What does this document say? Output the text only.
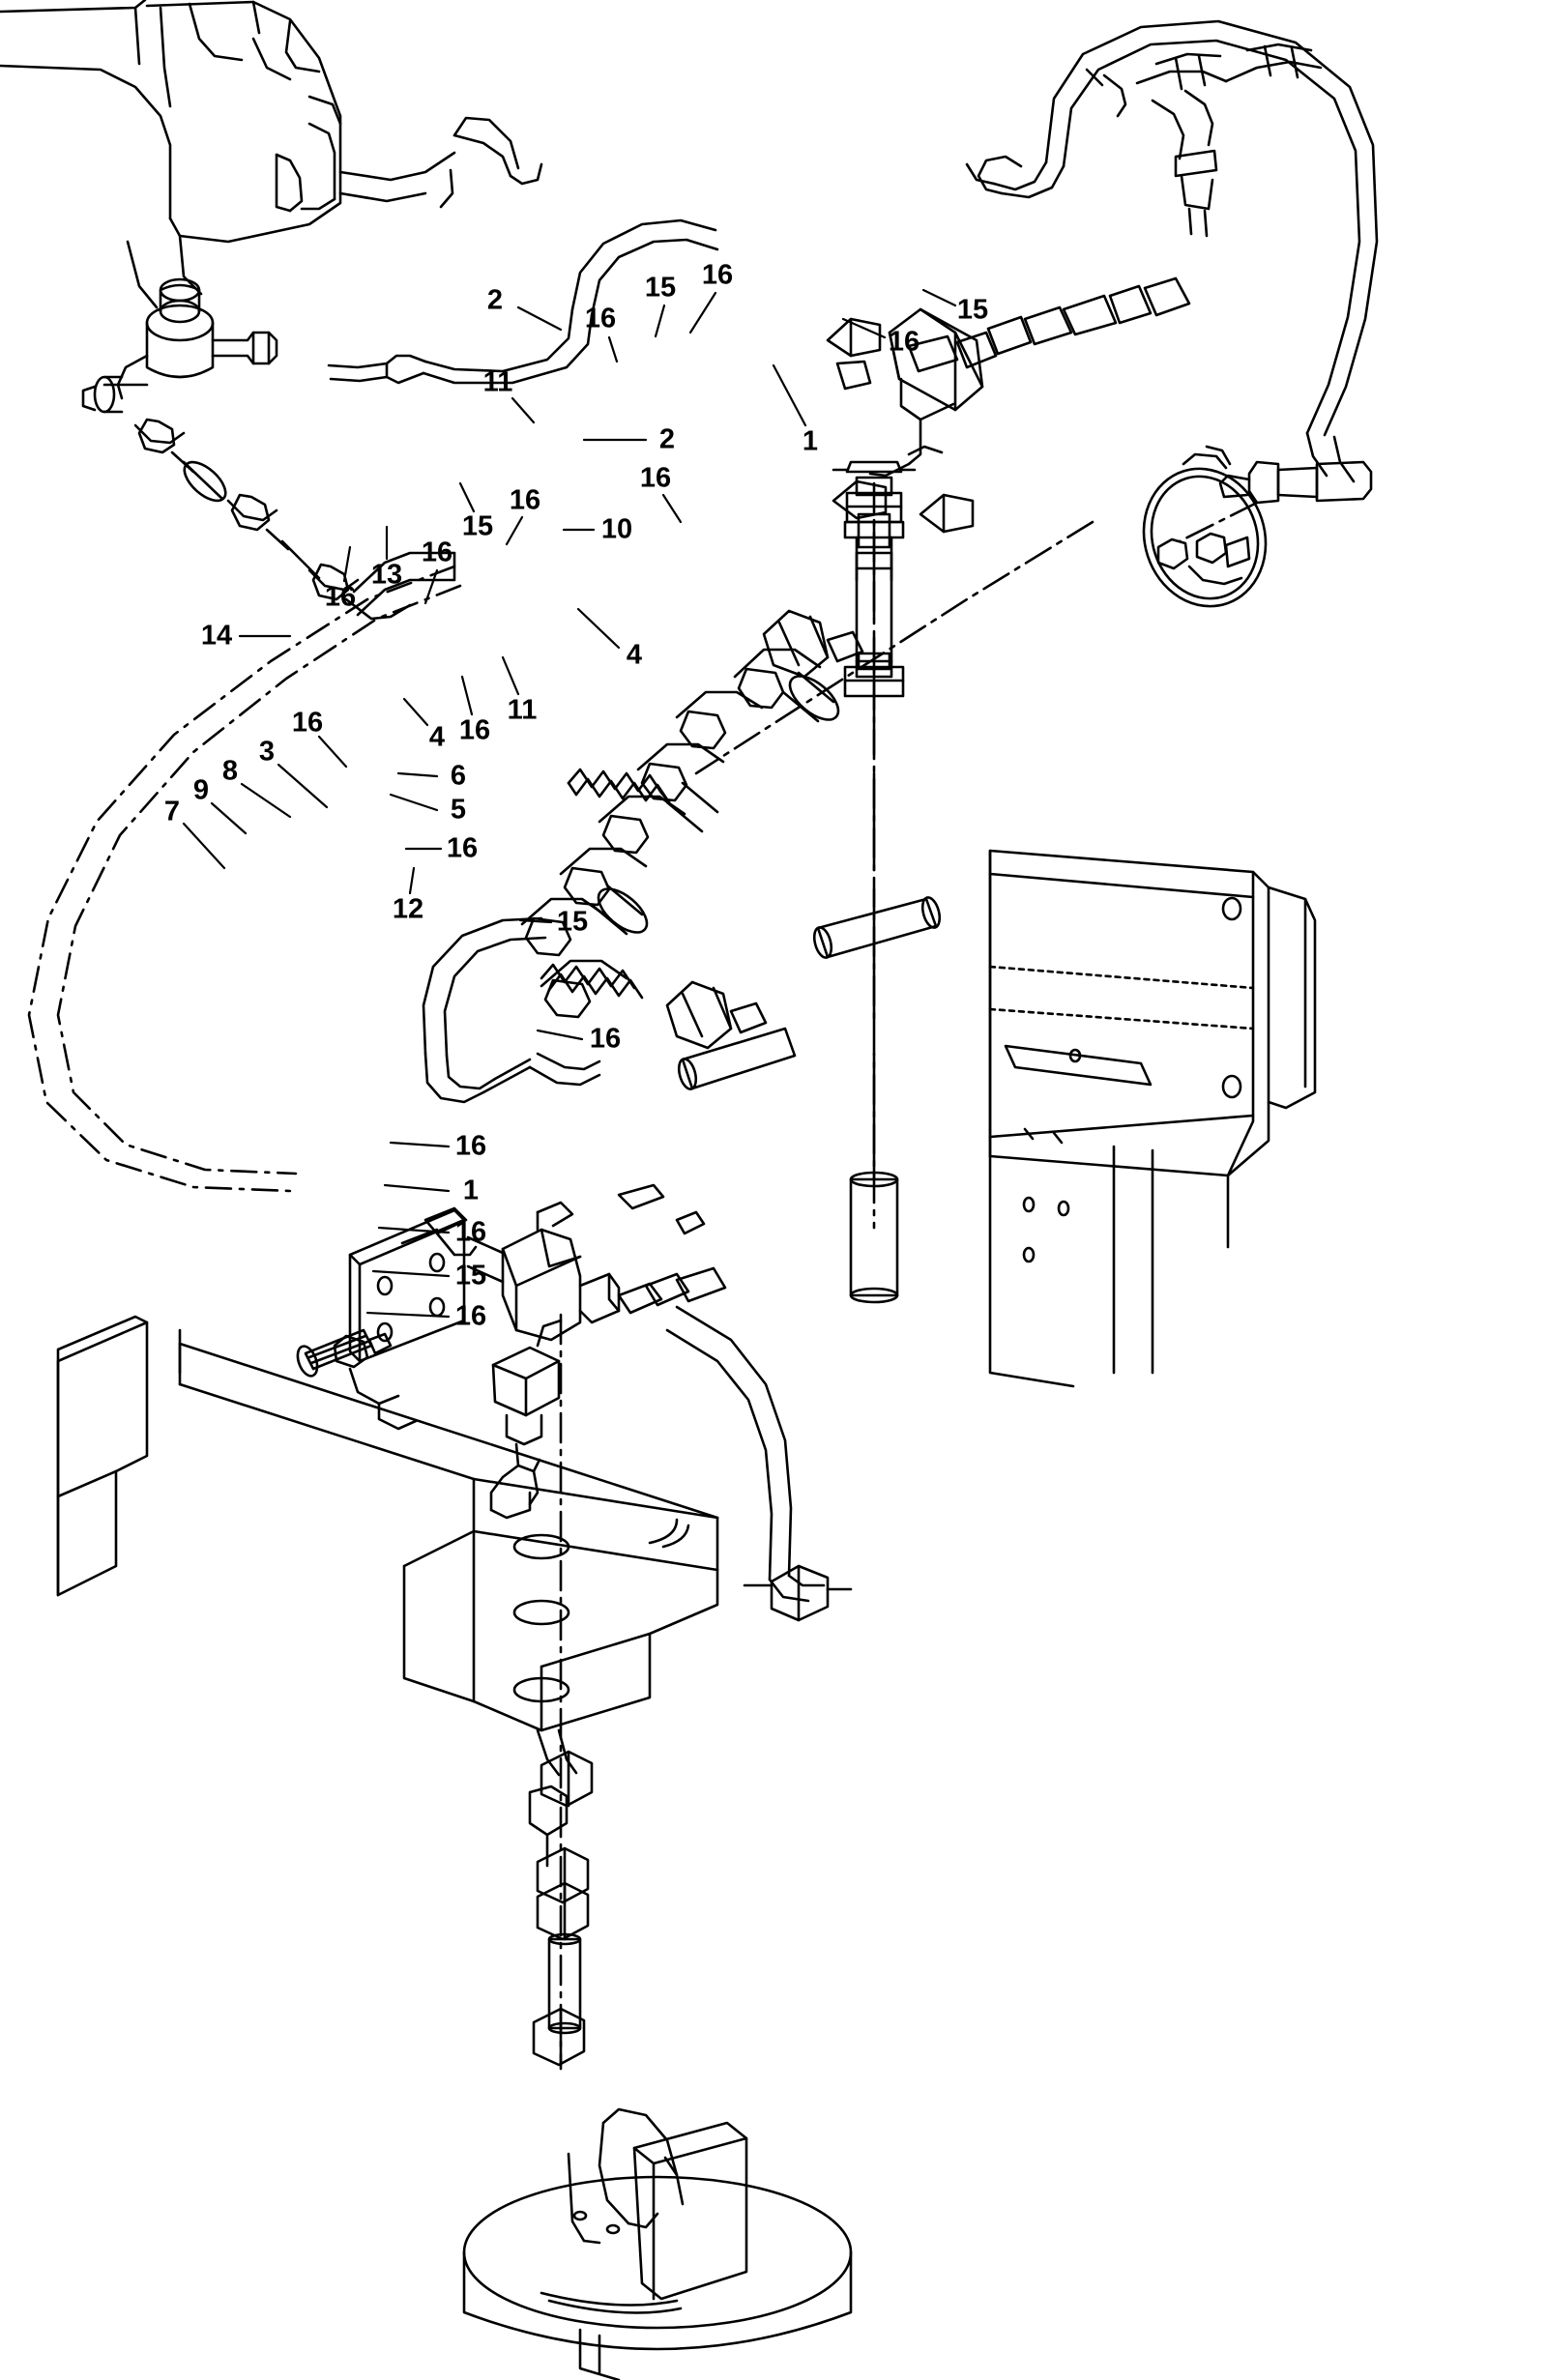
2
16
15 16
15
16
11
2	1
16
15
16
10
16
13
16
14
4
11
16
4
16
3
8
9
7
6
5
16
12	15
16
16
1
16
15
16
